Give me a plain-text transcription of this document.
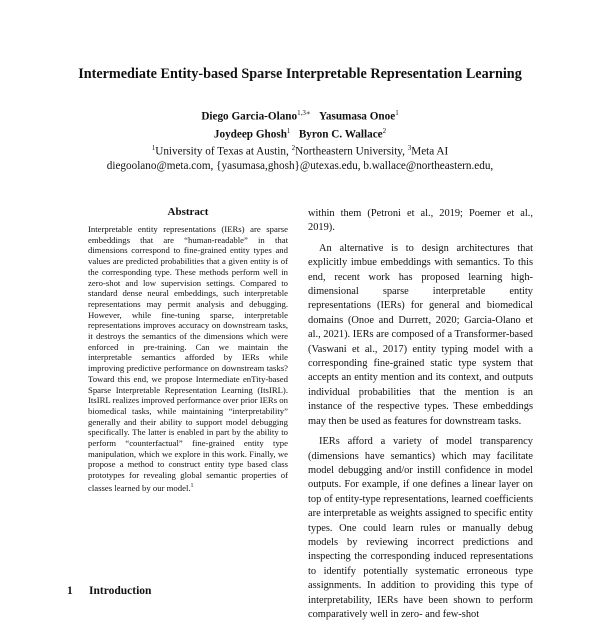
Intermediate Entity-based Sparse Interpretable Representation Learning
Diego Garcia-Olano$^{1,3∗}$ Yasumasa Onoe$^1$
Joydeep Ghosh$^1$ Byron C. Wallace$^2$
$^1$University of Texas at Austin, $^2$Northeastern University, $^3$Meta AI
diegoolano@meta.com, {yasumasa,ghosh}@utexas.edu, b.wallace@northeastern.edu,
Abstract
Interpretable entity representations (IERs) are sparse embeddings that are “human-readable” in that dimensions correspond to fine-grained entity types and values are predicted probabilities that a given entity is of the corresponding type. These methods perform well in zero-shot and low supervision settings. Compared to standard dense neural embeddings, such interpretable representations may permit analysis and debugging. However, while fine-tuning sparse, interpretable representations improves accuracy on downstream tasks, it destroys the semantics of the dimensions which were enforced in pre-training. Can we maintain the interpretable semantics afforded by IERs while improving predictive performance on downstream tasks? Toward this end, we propose Intermediate enTity-based Sparse Interpretable Representation Learning (ItsIRL). ItsIRL realizes improved performance over prior IERs on biomedical tasks, while maintaining “interpretability” generally and their ability to support model debugging specifically. The latter is enabled in part by the ability to perform “counterfactual” fine-grained entity type manipulation, which we explore in this work. Finally, we propose a method to construct entity type based class prototypes for revealing global semantic properties of classes learned by our model.$^1$
1 Introduction

within them (Petroni et al., 2019; Poemer et al., 2019).

An alternative is to design architectures that explicitly imbue embeddings with semantics. To this end, recent work has proposed learning high-dimensional sparse interpretable entity representations (IERs) for general and biomedical domains (Onoe and Durrett, 2020; Garcia-Olano et al., 2021). IERs are composed of a Transformer-based (Vaswani et al., 2017) entity typing model with a corresponding fine-grained static type system that accepts an entity mention and its context, and outputs individual probabilities that the mention is an instance of the respective types. These embeddings may then be used as features for downstream tasks.

IERs afford a variety of model transparency (dimensions have semantics) which may facilitate model debugging and/or instill confidence in model outputs. For example, if one defines a linear layer on top of entity-type representations, learned coefficients are interpretable as weights assigned to specific entity types. One could learn rules or manually debug models by reviewing incorrect predictions and inspecting the corresponding induced representations to identify potentially systematic erroneous type assignments. In addition to providing this type of interpretability, IERs have been shown to perform comparatively well in zero- and few-shot
